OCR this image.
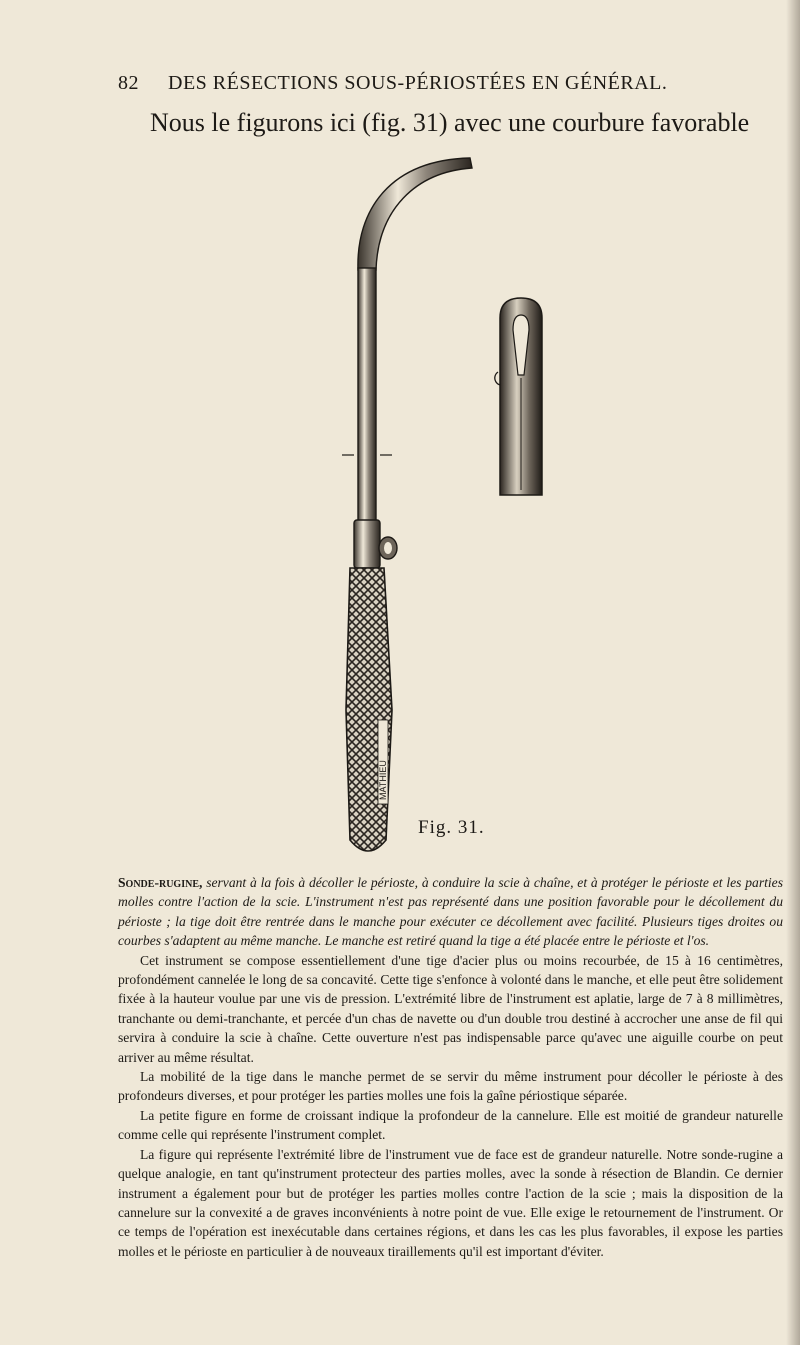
82 DES RÉSECTIONS SOUS-PÉRIOSTÉES EN GÉNÉRAL.
Nous le figurons ici (fig. 31) avec une courbure favorable
MATHIEU
Fig. 31.

Sonde-rugine, servant à la fois à décoller le périoste, à conduire la scie à chaîne, et à protéger le périoste et les parties molles contre l'action de la scie. L'instrument n'est pas représenté dans une position favorable pour le décollement du périoste ; la tige doit être rentrée dans le manche pour exécuter ce décollement avec facilité. Plusieurs tiges droites ou courbes s'adaptent au même manche. Le manche est retiré quand la tige a été placée entre le périoste et l'os.

Cet instrument se compose essentiellement d'une tige d'acier plus ou moins recourbée, de 15 à 16 centimètres, profondément cannelée le long de sa concavité. Cette tige s'enfonce à volonté dans le manche, et elle peut être solidement fixée à la hauteur voulue par une vis de pression. L'extrémité libre de l'instrument est aplatie, large de 7 à 8 millimètres, tranchante ou demi-tranchante, et percée d'un chas de navette ou d'un double trou destiné à accrocher une anse de fil qui servira à conduire la scie à chaîne. Cette ouverture n'est pas indispensable parce qu'avec une aiguille courbe on peut arriver au même résultat.

La mobilité de la tige dans le manche permet de se servir du même instrument pour décoller le périoste à des profondeurs diverses, et pour protéger les parties molles une fois la gaîne périostique séparée.

La petite figure en forme de croissant indique la profondeur de la cannelure. Elle est moitié de grandeur naturelle comme celle qui représente l'instrument complet.

La figure qui représente l'extrémité libre de l'instrument vue de face est de grandeur naturelle. Notre sonde-rugine a quelque analogie, en tant qu'instrument protecteur des parties molles, avec la sonde à résection de Blandin. Ce dernier instrument a également pour but de protéger les parties molles contre l'action de la scie ; mais la disposition de la cannelure sur la convexité a de graves inconvénients à notre point de vue. Elle exige le retournement de l'instrument. Or ce temps de l'opération est inexécutable dans certaines régions, et dans les cas les plus favorables, il expose les parties molles et le périoste en particulier à de nouveaux tiraillements qu'il est important d'éviter.
